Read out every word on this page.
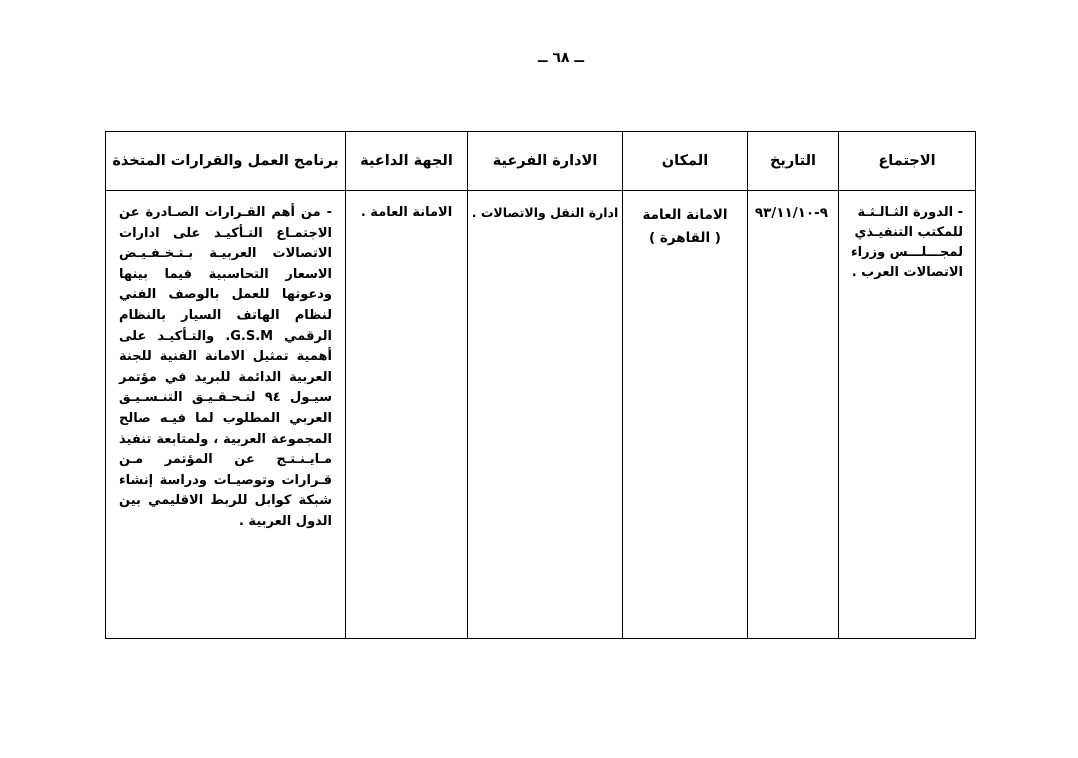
ــ ٦٨ ــ
الاجتماع	التاريخ	المكان	الادارة الفرعية	الجهة الداعية	برنامج العمل والقرارات المتخذة

- الدورة الثـالـثـة للمكتب التنفيـذي لمجـــلـــس وزراء الاتصالات العرب .	٩-٩٣/١١/١٠	الامانة العامة
( القاهرة )	ادارة النقل والاتصالات .	الامانة العامة .	- من أهم القـرارات الصـادرة عن الاجتمـاع التـأكيـد على ادارات الاتصالات العربيـة بـتـخـفـيـض الاسعار التحاسبية فيما بينها ودعوتها للعمل بالوصف الفني لنظام الهاتف السيار بالنظام الرقمي G.S.M. والتـأكيـد على أهمية تمثيل الامانة الفنية للجنة العربية الدائمة للبريد في مؤتمر سيـول ٩٤ لتـحـقـيـق التنـسـيـق العربي المطلوب لما فيـه صالح المجموعة العربية ، ولمتابعة تنفيذ مـايـنـتـج عن المؤتمر مـن قـرارات وتوصيـات ودراسة إنشاء شبكة كوابل للربط الاقليمي بين الدول العربية .
